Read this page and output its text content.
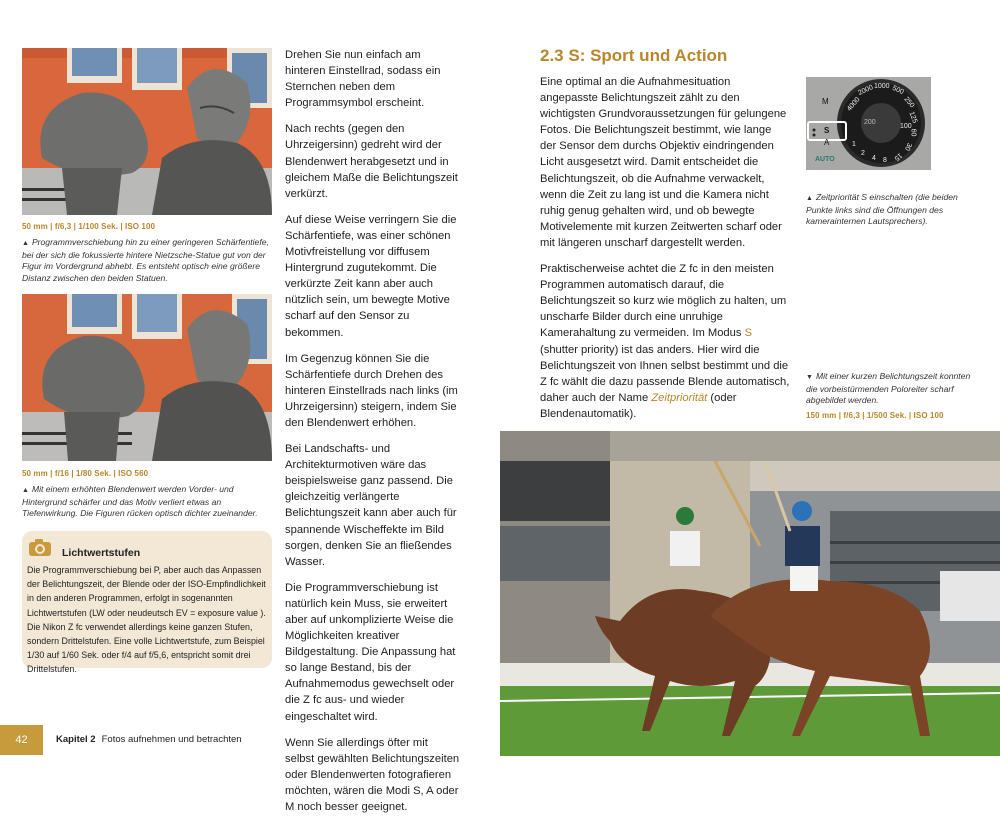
50 mm | f/6,3 | 1/100 Sek. | ISO 100
▲ Programmverschiebung hin zu einer geringeren Schärfentiefe, bei der sich die fokussierte hintere Nietzsche-Statue gut von der Figur im Vordergrund abhebt. Es entsteht optisch eine größere Distanz zwischen den beiden Statuen.
50 mm | f/16 | 1/80 Sek. | ISO 560
▲ Mit einem erhöhten Blendenwert werden Vorder- und Hintergrund schärfer und das Motiv verliert etwas an Tiefenwirkung. Die Figuren rücken optisch dichter zueinander.
Lichtwertstufen
Die Programmverschiebung bei P, aber auch das Anpassen der Belichtungszeit, der Blende oder der ISO-Empfindlichkeit in den anderen Programmen, erfolgt in sogenannten Lichtwertstufen (LW oder neudeutsch EV = exposure value ). Die Nikon Z fc verwendet allerdings keine ganzen Stufen, sondern Drittelstufen. Eine volle Lichtwertstufe, zum Beispiel 1/30 auf 1/60 Sek. oder f/4 auf f/5,6, entspricht somit drei Drittelstufen.

Drehen Sie nun einfach am hinteren Einstellrad, sodass ein Sternchen neben dem Programmsymbol erscheint.

Nach rechts (gegen den Uhrzeigersinn) gedreht wird der Blendenwert herabgesetzt und in gleichem Maße die Belichtungszeit verkürzt.

Auf diese Weise verringern Sie die Schärfentiefe, was einer schönen Motivfreistellung vor diffusem Hintergrund zugutekommt. Die verkürzte Zeit kann aber auch nützlich sein, um bewegte Motive scharf auf den Sensor zu bekommen.

Im Gegenzug können Sie die Schärfentiefe durch Drehen des hinteren Einstellrads nach links (im Uhrzeigersinn) steigern, indem Sie den Blendenwert erhöhen.

Bei Landschafts- und Architekturmotiven wäre das beispielsweise ganz passend. Die gleichzeitig verlängerte Belichtungszeit kann aber auch für spannende Wischeffekte im Bild sorgen, denken Sie an fließendes Wasser.

Die Programmverschiebung ist natürlich kein Muss, sie erweitert aber auf unkomplizierte Weise die Möglichkeiten kreativer Bildgestaltung. Die Anpassung hat so lange Bestand, bis der Aufnahmemodus gewechselt oder die Z fc aus- und wieder eingeschaltet wird.

Wenn Sie allerdings öfter mit selbst gewählten Belichtungszeiten oder Blendenwerten fotografieren möchten, wären die Modi S, A oder M noch besser geeignet.

42	Kapitel 2 Fotos aufnehmen und betrachten
2.3 S: Sport und Action

Eine optimal an die Aufnahmesituation angepasste Belichtungszeit zählt zu den wichtigsten Grundvoraussetzungen für gelungene Fotos. Die Belichtungszeit bestimmt, wie lange der Sensor dem durchs Objektiv eindringenden Licht ausgesetzt wird. Damit entscheidet die Belichtungszeit, ob die Aufnahme verwackelt, wenn die Zeit zu lang ist und die Kamera nicht ruhig genug gehalten wird, und ob bewegte Motivelemente mit kurzen Zeitwerten scharf oder mit längeren unscharf dargestellt werden.

Praktischerweise achtet die Z fc in den meisten Programmen automatisch darauf, die Belichtungszeit so kurz wie möglich zu halten, um unscharfe Bilder durch eine unruhige Kamerahaltung zu vermeiden. Im Modus S (shutter priority) ist das anders. Hier wird die Belichtungszeit von Ihnen selbst bestimmt und die Z fc wählt die dazu passende Blende automatisch, daher auch der Name Zeitpriorität (oder Blendenautomatik).

M
S
A
AUTO
4000
2000 1000 500
250
125
60
30
15
8
4
2
1
100
200
▲ Zeitpriorität S einschalten (die beiden Punkte links sind die Öffnungen des kamerainternen Lautsprechers).
▼ Mit einer kurzen Belichtungszeit konnten die vorbeistürmenden Poloreiter scharf abgebildet werden.
150 mm | f/6,3 | 1/500 Sek. | ISO 100
